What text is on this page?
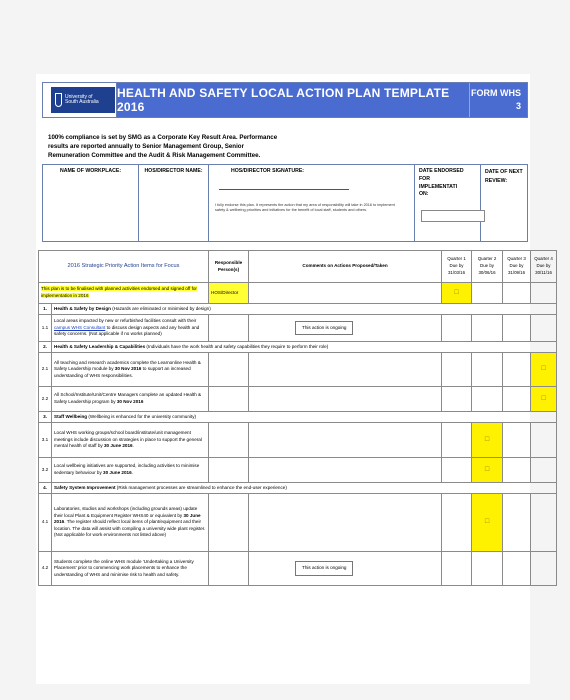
University of
South Australia
HEALTH AND SAFETY LOCAL ACTION PLAN TEMPLATE 2016
FORM WHS
3
100% compliance is set by SMG as a Corporate Key Result Area. Performance
results are reported annually to Senior Management Group, Senior
Remuneration Committee and the Audit & Risk Management Committee.
NAME OF WORKPLACE:	HOS/DIRECTOR NAME:	HOS/DIRECTOR SIGNATURE:
I fully endorse this plan. It represents the action that my area of responsibility will take in 2016 to implement safety & wellbeing priorities and initiatives for the benefit of local staff, students and others.
DATE ENDORSED FOR IMPLEMENTATI ON:
DATE OF NEXT REVIEW:
2016 Strategic Priority Action Items for Focus		Responsible Person(s)	Comments on Actions Proposed/Taken	Quarter 1 Due by 31/03/16	Quarter 2 Due by 30/06/16	Quarter 3 Due by 31/09/16	Quarter 4 Due by 30/11/16
This plan is to be finalised with planned activities endorsed and signed off for implementation in 2016		HOS/Director		☐			
1.	Health & Safety by Design (Hazards are eliminated or minimised by design)						
1.1	Local areas impacted by new or refurbished facilities consult with their campus WHS Consultant to discuss design aspects and any health and safety concerns. (Not applicable if no works planned)		This action is ongoing				
2.	Health & Safety Leadership & Capabilities (Individuals have the work health and safety capabilities they require to perform their role)						
2.1	All teaching and research academics complete the Learnonline Health & Safety Leadership module by 30 Nov 2016 to support an increased understanding of WHS responsibilities.						☐
2.2	All School/Institute/Unit/Centre Managers complete an updated Health & Safety Leadership program by 30 Nov 2016						☐
3.	Staff Wellbeing (Wellbeing is enhanced for the university community)						
3.1	Local WHS working groups/school board/institute/unit management meetings include discussion on strategies in place to support the general mental health of staff by 30 June 2016.				☐		
3.2	Local wellbeing initiatives are supported, including activities to minimise sedentary behaviour by 30 June 2016.				☐		
4.	Safety System Improvement (Risk management processes are streamlined to enhance the end-user experience)						
4.1	Laboratories, studios and workshops (including grounds areas) update their local Plant & Equipment Register WHS40 or equivalent by 30 June 2016. The register should reflect local items of plant/equipment and their location. The data will assist with compiling a university wide plant register. (Not applicable for work environments not listed above)				☐		
4.2	Students complete the online WHS module 'Undertaking a University Placement' prior to commencing work placements to enhance the understanding of WHS and minimise risk to health and safety.		This action is ongoing				
